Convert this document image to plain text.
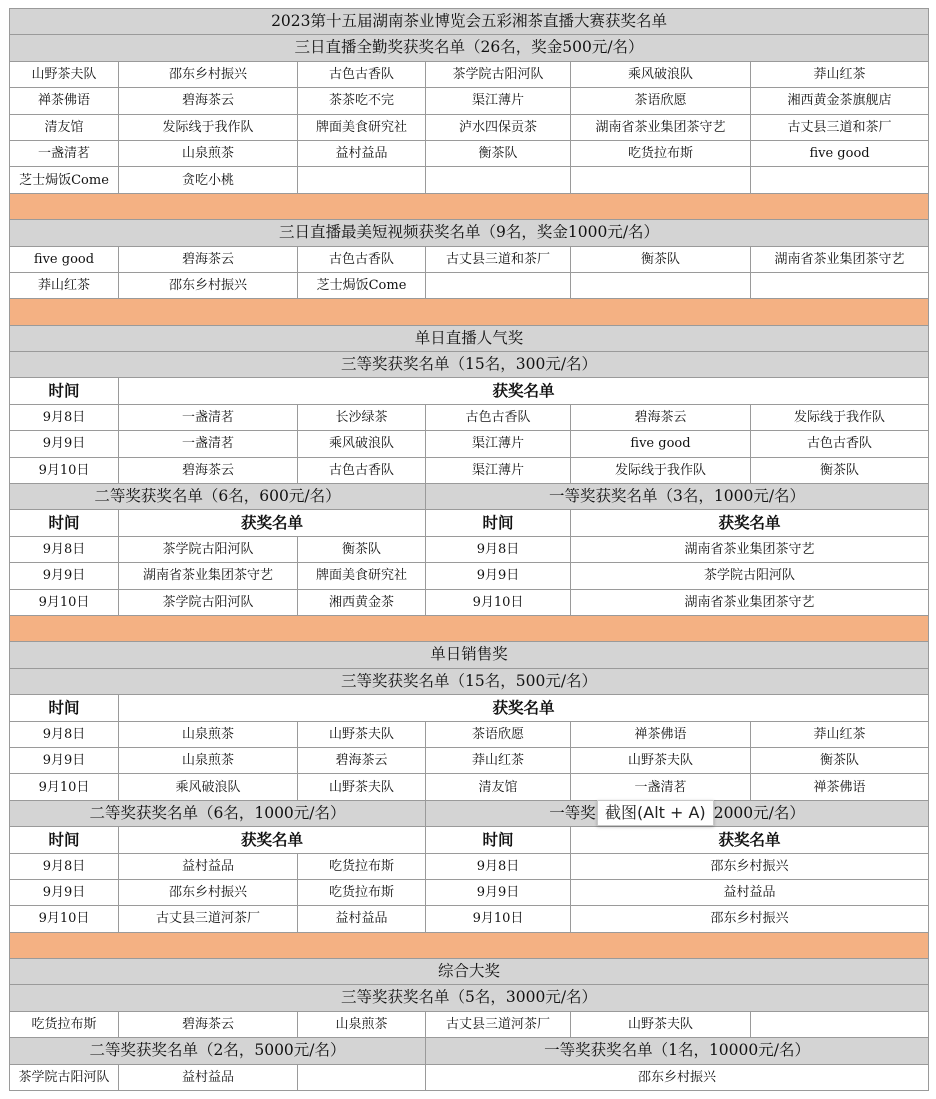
2023第十五届湖南茶业博览会五彩湘茶直播大赛获奖名单					
三日直播全勤奖获奖名单（26名，奖金500元/名）					
山野茶夫队	邵东乡村振兴	古色古香队	茶学院古阳河队	乘风破浪队	莽山红茶
禅茶佛语	碧海茶云	茶茶吃不完	渠江薄片	茶语欣愿	湘西黄金茶旗舰店
清友馆	发际线于我作队	牌面美食研究社	泸水四保贡茶	湖南省茶业集团茶守艺	古丈县三道和茶厂
一盏清茗	山泉煎茶	益村益品	衡茶队	吃货拉布斯	five good
芝士焗饭Come	贪吃小桃				

三日直播最美短视频获奖名单（9名，奖金1000元/名）					
five good	碧海茶云	古色古香队	古丈县三道和茶厂	衡茶队	湖南省茶业集团茶守艺
莽山红茶	邵东乡村振兴	芝士焗饭Come			

单日直播人气奖					
三等奖获奖名单（15名，300元/名）					
时间	获奖名单				
9月8日	一盏清茗	长沙绿茶	古色古香队	碧海茶云	发际线于我作队
9月9日	一盏清茗	乘风破浪队	渠江薄片	five good	古色古香队
9月10日	碧海茶云	古色古香队	渠江薄片	发际线于我作队	衡茶队
二等奖获奖名单（6名，600元/名）			一等奖获奖名单（3名，1000元/名）		
时间	获奖名单		时间	获奖名单	
9月8日	茶学院古阳河队	衡茶队	9月8日	湖南省茶业集团茶守艺	
9月9日	湖南省茶业集团茶守艺	牌面美食研究社	9月9日	茶学院古阳河队	
9月10日	茶学院古阳河队	湘西黄金茶	9月10日	湖南省茶业集团茶守艺	

单日销售奖					
三等奖获奖名单（15名，500元/名）					
时间	获奖名单				
9月8日	山泉煎茶	山野茶夫队	茶语欣愿	禅茶佛语	莽山红茶
9月9日	山泉煎茶	碧海茶云	莽山红茶	山野茶夫队	衡茶队
9月10日	乘风破浪队	山野茶夫队	清友馆	一盏清茗	禅茶佛语
二等奖获奖名单（6名，1000元/名）			一等奖 2000元/名）		
时间	获奖名单		时间	获奖名单	
9月8日	益村益品	吃货拉布斯	9月8日	邵东乡村振兴	
9月9日	邵东乡村振兴	吃货拉布斯	9月9日	益村益品	
9月10日	古丈县三道河茶厂	益村益品	9月10日	邵东乡村振兴	

综合大奖					
三等奖获奖名单（5名，3000元/名）					
吃货拉布斯	碧海茶云	山泉煎茶	古丈县三道河茶厂	山野茶夫队	
二等奖获奖名单（2名，5000元/名）			一等奖获奖名单（1名，10000元/名）		
茶学院古阳河队	益村益品		邵东乡村振兴		
截图(Alt + A)
